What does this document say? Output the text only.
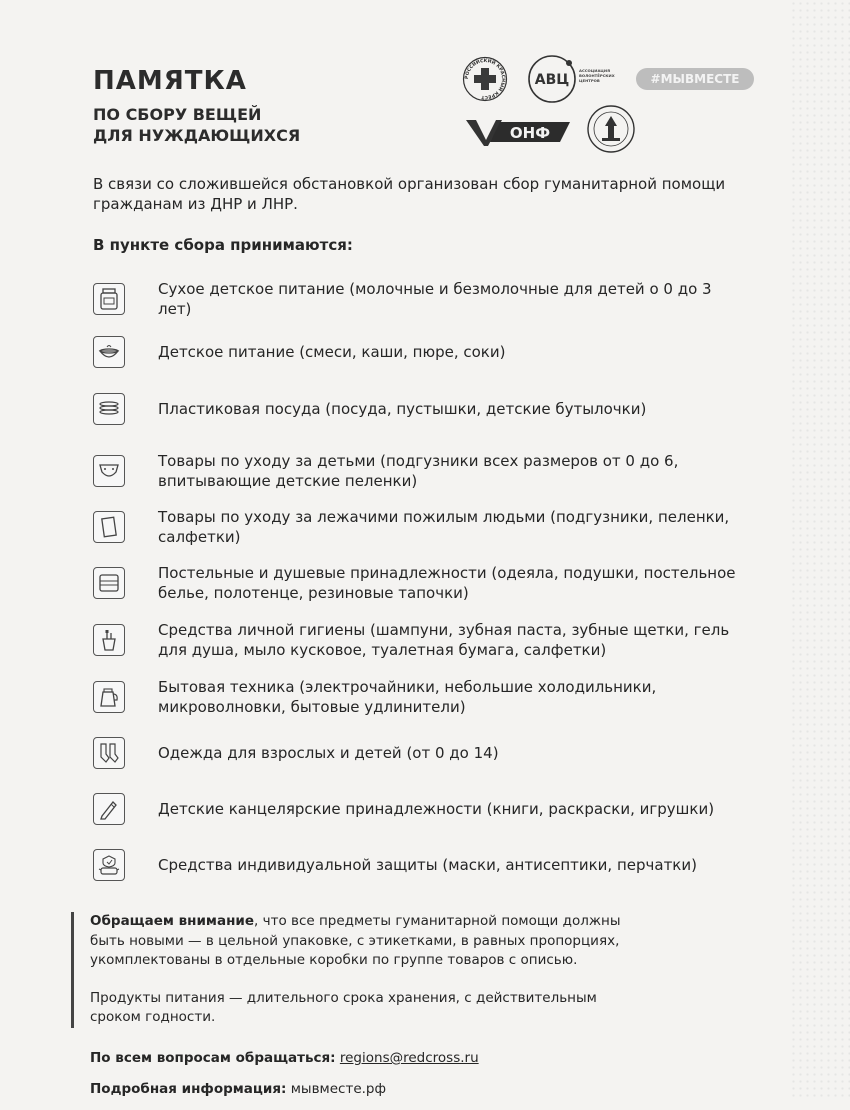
ПАМЯТКА
ПО СБОРУ ВЕЩЕЙ
ДЛЯ НУЖДАЮЩИХСЯ
РОССИЙСКИЙ КРАСНЫЙ КРЕСТ
АВЦ
АССОЦИАЦИЯ ВОЛОНТЁРСКИХ ЦЕНТРОВ	#МЫВМЕСТЕ
ОНФ
В связи со сложившейся обстановкой организован сбор гуманитарной помощи гражданам из ДНР и ЛНР.
В пункте сбора принимаются:
Сухое детское питание (молочные и безмолочные для детей о 0 до 3 лет)
Детское питание (смеси, каши, пюре, соки)
Пластиковая посуда (посуда, пустышки, детские бутылочки)
Товары по уходу за детьми (подгузники всех размеров от 0 до 6, впитывающие детские пеленки)
Товары по уходу за лежачими пожилым людьми (подгузники, пеленки, салфетки)
Постельные и душевые принадлежности (одеяла, подушки, постельное белье, полотенце, резиновые тапочки)
Средства личной гигиены (шампуни, зубная паста, зубные щетки, гель для душа, мыло кусковое, туалетная бумага, салфетки)
Бытовая техника (электрочайники, небольшие холодильники, микроволновки, бытовые удлинители)
Одежда для взрослых и детей (от 0 до 14)
Детские канцелярские принадлежности (книги, раскраски, игрушки)
Средства индивидуальной защиты (маски, антисептики, перчатки)

Обращаем внимание, что все предметы гуманитарной помощи должны быть новыми — в цельной упаковке, с этикетками, в равных пропорциях, укомплектованы в отдельные коробки по группе товаров с описью.

Продукты питания — длительного срока хранения, с действительным сроком годности.

По всем вопросам обращаться: regions@redcross.ru
Подробная информация: мывместе.рф
